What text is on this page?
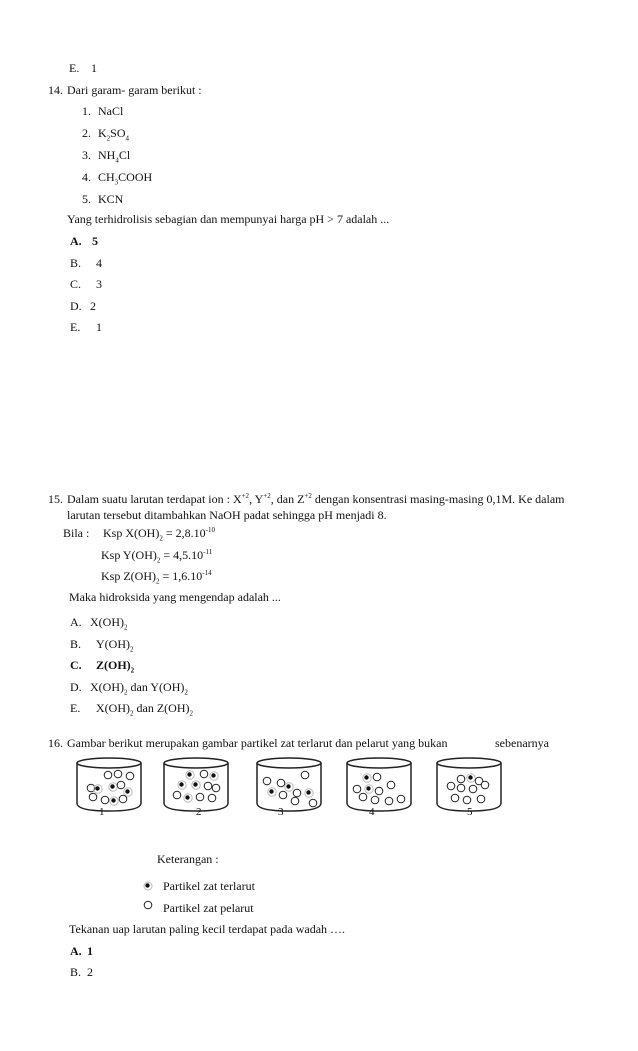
E. 1
14. Dari garam- garam berikut :
1. NaCl
2. $K_2SO_4$
3. $NH_4Cl$
4. $CH_3COOH$
5. KCN
Yang terhidrolisis sebagian dan mempunyai harga pH > 7 adalah ...
A. 5
B. 4
C. 3
D. 2
E. 1
15. Dalam suatu larutan terdapat ion : $X^{+2}$, $Y^{+2}$, dan $Z^{+2}$ dengan konsentrasi masing-masing 0,1M. Ke dalam
larutan tersebut ditambahkan NaOH padat sehingga pH menjadi 8.
Bila : Ksp $X(OH)_2 = 2,8.10^{-10}$
Ksp $Y(OH)_2 = 4,5.10^{-11}$
Ksp $Z(OH)_2 = 1,6.10^{-14}$
Maka hidroksida yang mengendap adalah ...
A. $X(OH)_2$
B. $Y(OH)_2$
C. $Z(OH)_2$
D. $X(OH)_2$ dan $Y(OH)_2$
E. $X(OH)_2$ dan $Z(OH)_2$
16. Gambar berikut merupakan gambar partikel zat terlarut dan pelarut yang bukan	sebenarnya
1	2	3	4	5
Keterangan :
Partikel zat terlarut
Partikel zat pelarut
Tekanan uap larutan paling kecil terdapat pada wadah ….
A. 1
B. 2
